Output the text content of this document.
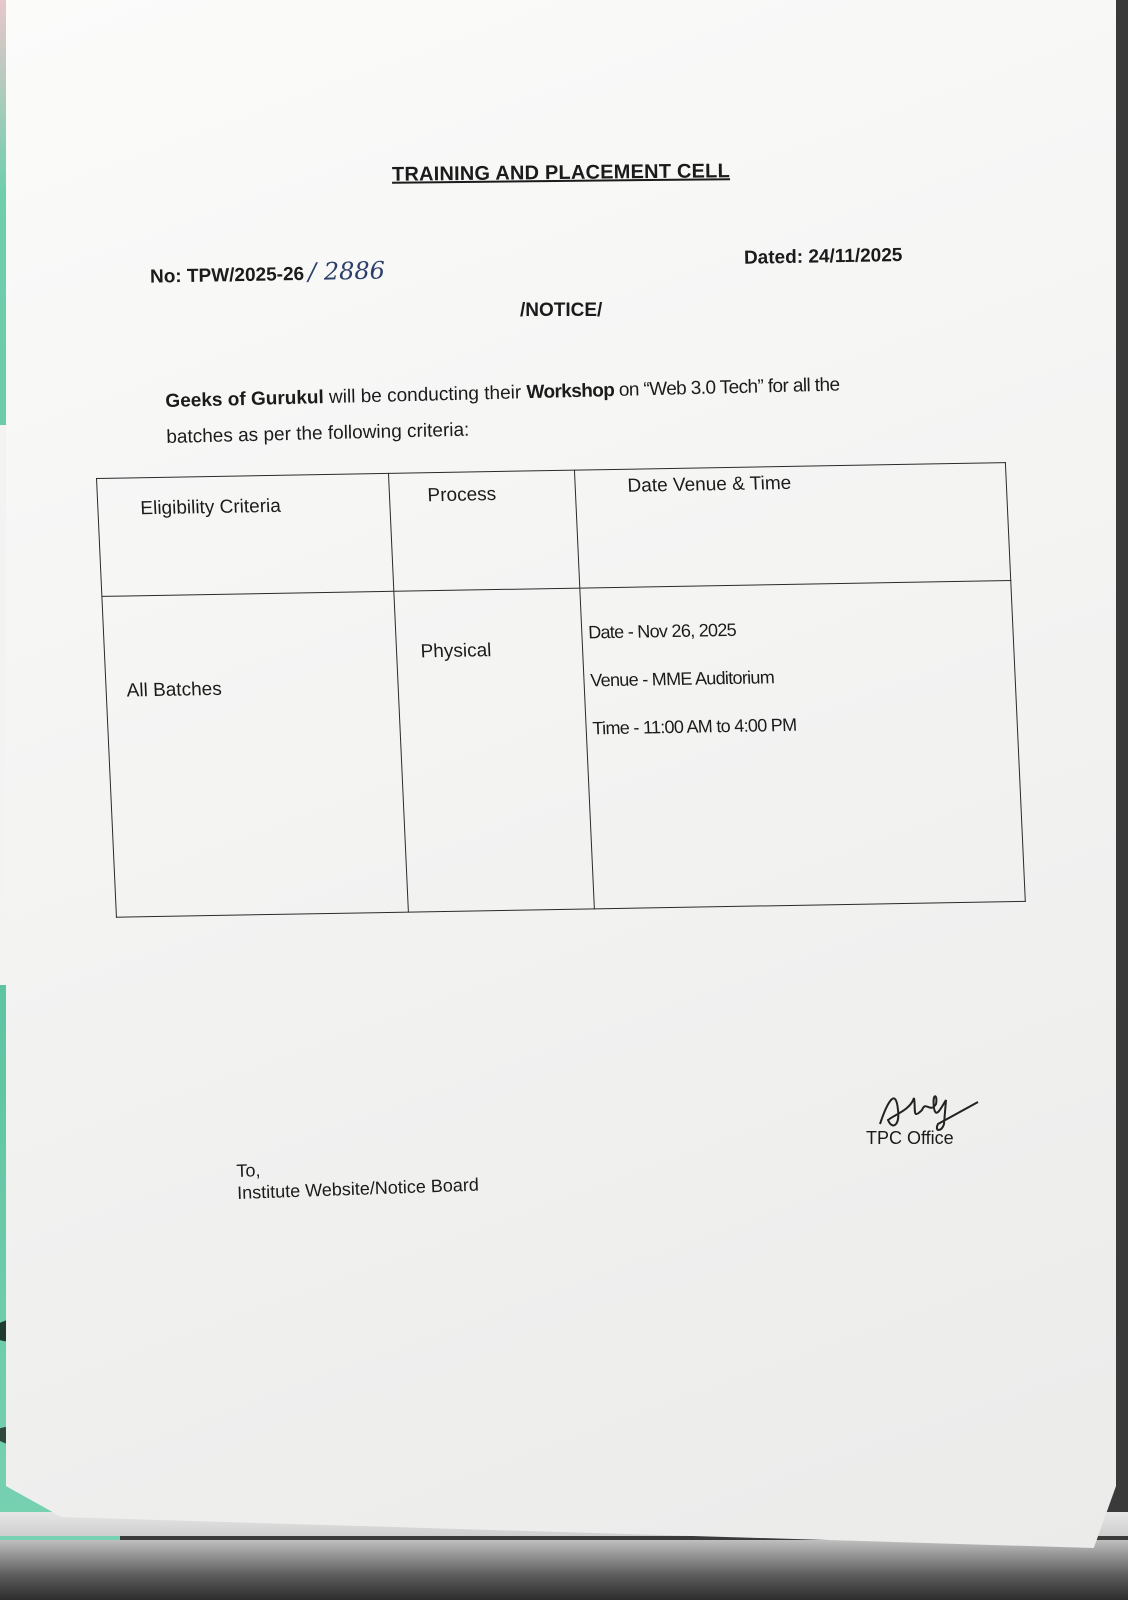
TRAINING AND PLACEMENT CELL
No: TPW/2025-26 / 2886	Dated: 24/11/2025
/NOTICE/
Geeks of Gurukul will be conducting their Workshop on “Web 3.0 Tech” for all the
batches as per the following criteria:
Eligibility Criteria	Process	Date Venue & Time

All Batches	Physical	Date - Nov 26, 2025
Venue - MME Auditorium
Time - 11:00 AM to 4:00 PM
To,
Institute Website/Notice Board
TPC Office
